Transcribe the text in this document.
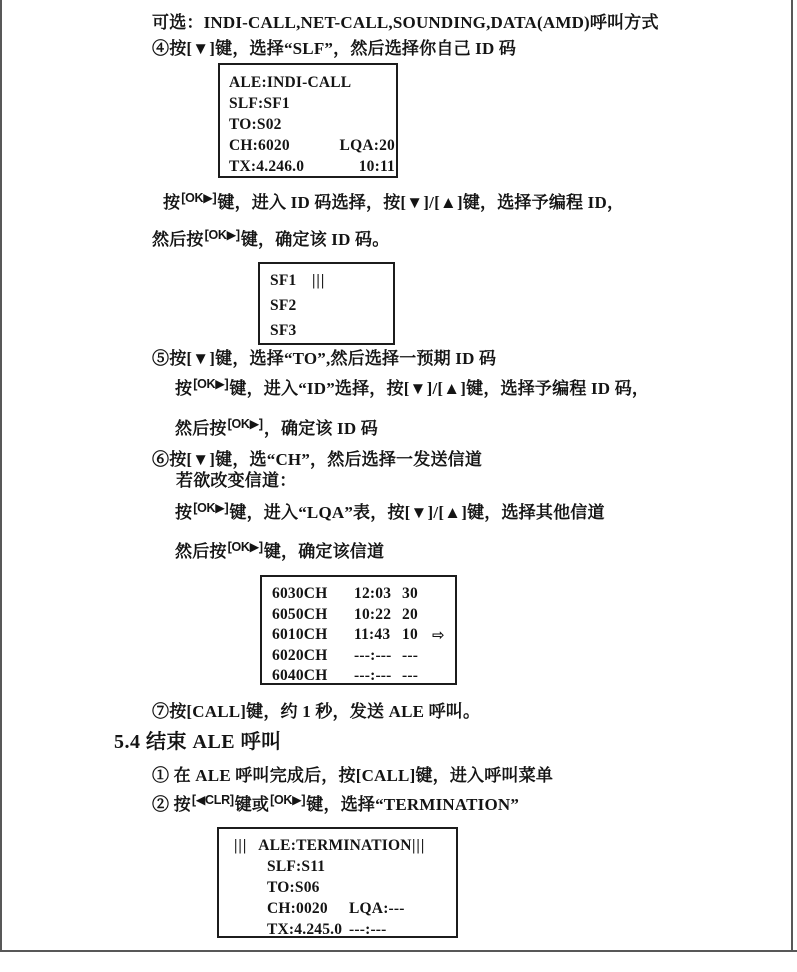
可选：INDI-CALL,NET-CALL,SOUNDING,DATA(AMD)呼叫方式
④按[▼]键，选择“SLF”，然后选择你自己 ID 码
ALE:INDI-CALL
SLF:SF1
TO:S02
CH:6020	LQA:20
TX:4.246.0	10:11
按[OK▶]键，进入 ID 码选择，按[▼]/[▲]键，选择予编程 ID，
然后按[OK▶]键，确定该 ID 码。
SF1	|||
SF2
SF3
⑤按[▼]键，选择“TO”,然后选择一预期 ID 码
按[OK▶]键，进入“ID”选择，按[▼]/[▲]键，选择予编程 ID 码，
然后按[OK▶]，确定该 ID 码
⑥按[▼]键，选“CH”，然后选择一发送信道
若欲改变信道：
按[OK▶]键，进入“LQA”表，按[▼]/[▲]键，选择其他信道
然后按[OK▶]键，确定该信道
6030CH	12:03 30
6050CH	10:22 20
6010CH	11:43 10 ⇨
6020CH	---:--- ---
6040CH	---:--- ---
⑦按[CALL]键，约 1 秒，发送 ALE 呼叫。
5.4 结束 ALE 呼叫
① 在 ALE 呼叫完成后，按[CALL]键，进入呼叫菜单
② 按[◀CLR]键或[OK▶]键，选择“TERMINATION”
||| ALE:TERMINATION |||
SLF:S11
TO:S06
CH:0020	LQA:---
TX:4.245.0 ---:---
